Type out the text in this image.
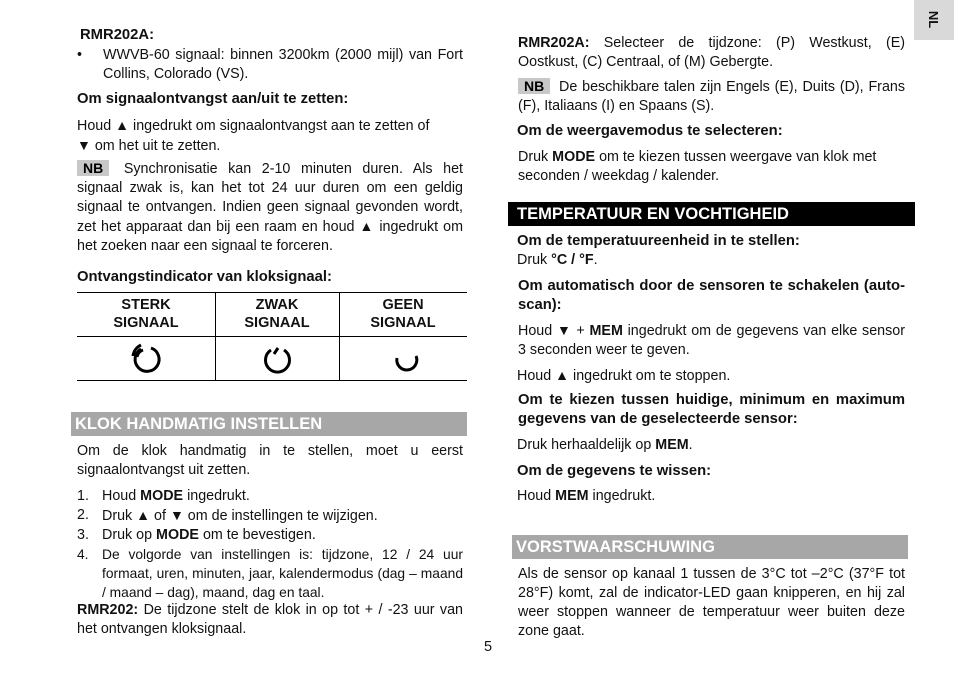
NL
RMR202A:
• WWVB-60 signaal: binnen 3200km (2000 mijl) van Fort Collins, Colorado (VS).
Om signaalontvangst aan/uit te zetten:
Houd ▲ ingedrukt om signaalontvangst aan te zetten of
▼ om het uit te zetten.
NB Synchronisatie kan 2-10 minuten duren. Als het signaal zwak is, kan het tot 24 uur duren om een geldig signaal te ontvangen. Indien geen signaal gevonden wordt, zet het apparaat dan bij een raam en houd ▲ ingedrukt om het zoeken naar een signaal te forceren.
Ontvangstindicator van kloksignaal:
STERK SIGNAAL
ZWAK SIGNAAL
GEEN SIGNAAL
KLOK HANDMATIG INSTELLEN
Om de klok handmatig in te stellen, moet u eerst signaalontvangst uit zetten.
1. Houd MODE ingedrukt.
2. Druk ▲ of ▼ om de instellingen te wijzigen.
3. Druk op MODE om te bevestigen.
4. De volgorde van instellingen is: tijdzone, 12 / 24 uur formaat, uren, minuten, jaar, kalendermodus (dag – maand / maand – dag), maand, dag en taal.
RMR202: De tijdzone stelt de klok in op tot + / -23 uur van het ontvangen kloksignaal.
RMR202A: Selecteer de tijdzone: (P) Westkust, (E) Oostkust, (C) Centraal, of (M) Gebergte.
NB De beschikbare talen zijn Engels (E), Duits (D), Frans (F), Italiaans (I) en Spaans (S).
Om de weergavemodus te selecteren:
Druk MODE om te kiezen tussen weergave van klok met seconden / weekdag / kalender.
TEMPERATUUR EN VOCHTIGHEID
Om de temperatuureenheid in te stellen:
Druk °C / °F.
Om automatisch door de sensoren te schakelen (auto-scan):
Houd ▼ + MEM ingedrukt om de gegevens van elke sensor 3 seconden weer te geven.
Houd ▲ ingedrukt om te stoppen.
Om te kiezen tussen huidige, minimum en maximum gegevens van de geselecteerde sensor:
Druk herhaaldelijk op MEM.
Om de gegevens te wissen:
Houd MEM ingedrukt.
VORSTWAARSCHUWING
Als de sensor op kanaal 1 tussen de 3°C tot –2°C (37°F tot 28°F) komt, zal de indicator-LED gaan knipperen, en hij zal weer stoppen wanneer de temperatuur weer buiten deze zone gaat.
5
